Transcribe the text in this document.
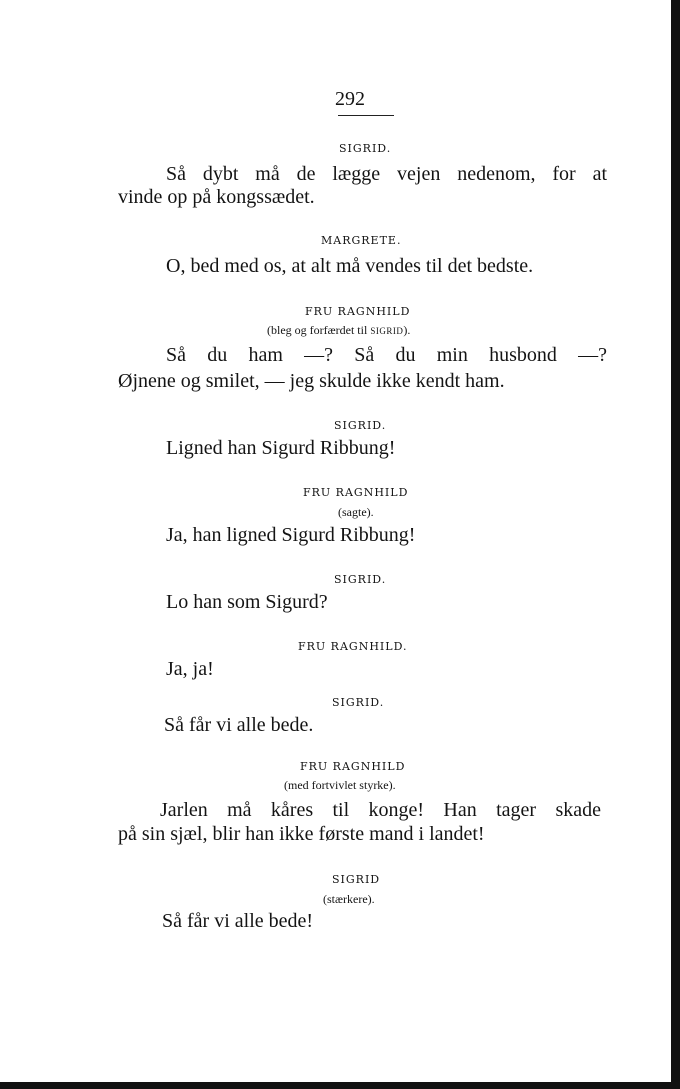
292
SIGRID.
Så dybt må de lægge vejen nedenom, for at
vinde op på kongssædet.
MARGRETE.
O, bed med os, at alt må vendes til det bedste.
FRU RAGNHILD
(bleg og forfærdet til SIGRID).
Så du ham —? Så du min husbond —?
Øjnene og smilet, — jeg skulde ikke kendt ham.
SIGRID.
Ligned han Sigurd Ribbung!
FRU RAGNHILD
(sagte).
Ja, han ligned Sigurd Ribbung!
SIGRID.
Lo han som Sigurd?
FRU RAGNHILD.
Ja, ja!
SIGRID.
Så får vi alle bede.
FRU RAGNHILD
(med fortvivlet styrke).
Jarlen må kåres til konge! Han tager skade
på sin sjæl, blir han ikke første mand i landet!
SIGRID
(stærkere).
Så får vi alle bede!
